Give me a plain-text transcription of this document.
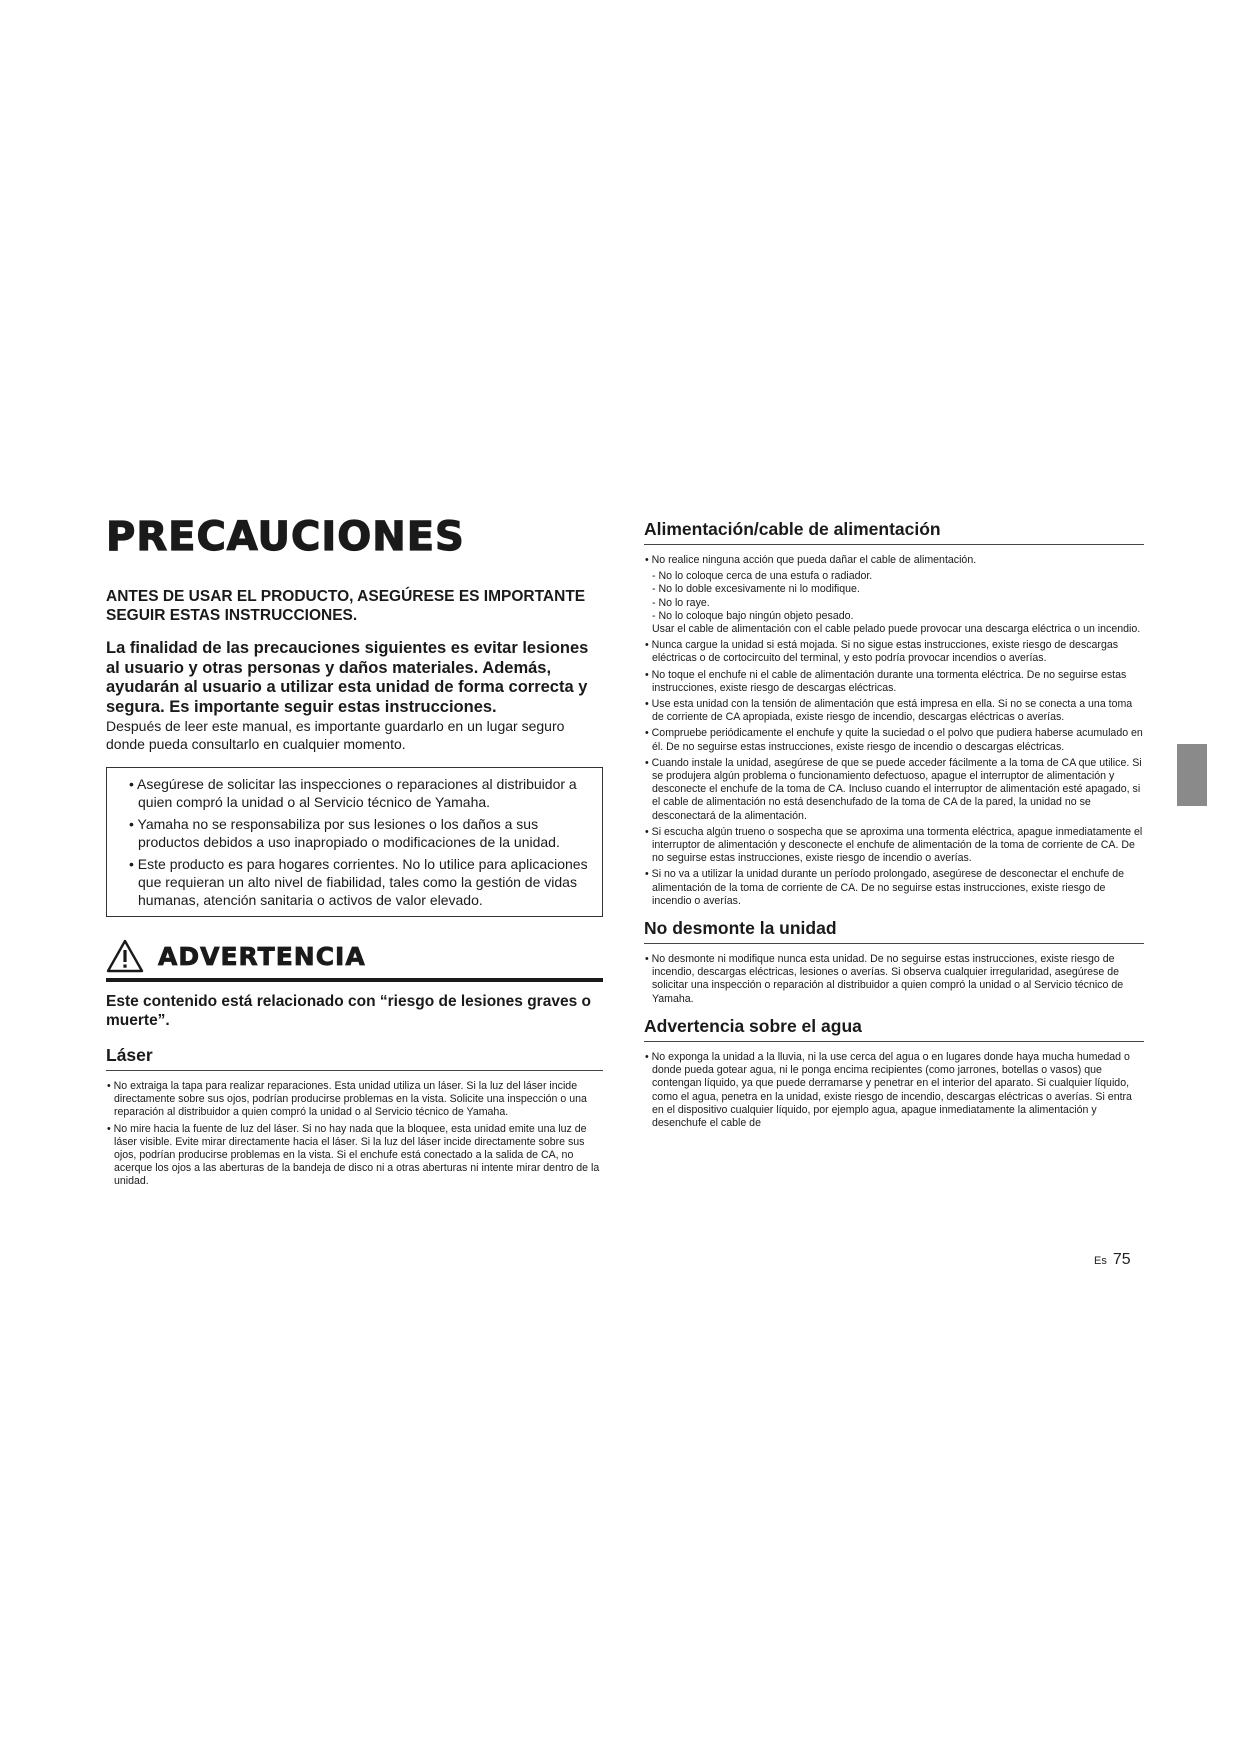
PRECAUCIONES

ANTES DE USAR EL PRODUCTO, ASEGÚRESE ES IMPORTANTE SEGUIR ESTAS INSTRUCCIONES.

La finalidad de las precauciones siguientes es evitar lesiones al usuario y otras personas y daños materiales. Además, ayudarán al usuario a utilizar esta unidad de forma correcta y segura. Es importante seguir estas instrucciones.

Después de leer este manual, es importante guardarlo en un lugar seguro donde pueda consultarlo en cualquier momento.

• Asegúrese de solicitar las inspecciones o reparaciones al distribuidor a quien compró la unidad o al Servicio técnico de Yamaha.
• Yamaha no se responsabiliza por sus lesiones o los daños a sus productos debidos a uso inapropiado o modificaciones de la unidad.
• Este producto es para hogares corrientes. No lo utilice para aplicaciones que requieran un alto nivel de fiabilidad, tales como la gestión de vidas humanas, atención sanitaria o activos de valor elevado.
ADVERTENCIA

Este contenido está relacionado con “riesgo de lesiones graves o muerte”.

Láser
• No extraiga la tapa para realizar reparaciones. Esta unidad utiliza un láser. Si la luz del láser incide directamente sobre sus ojos, podrían producirse problemas en la vista. Solicite una inspección o una reparación al distribuidor a quien compró la unidad o al Servicio técnico de Yamaha.
• No mire hacia la fuente de luz del láser. Si no hay nada que la bloquee, esta unidad emite una luz de láser visible. Evite mirar directamente hacia el láser. Si la luz del láser incide directamente sobre sus ojos, podrían producirse problemas en la vista. Si el enchufe está conectado a la salida de CA, no acerque los ojos a las aberturas de la bandeja de disco ni a otras aberturas ni intente mirar dentro de la unidad.
Alimentación/cable de alimentación
• No realice ninguna acción que pueda dañar el cable de alimentación.
- No lo coloque cerca de una estufa o radiador.
- No lo doble excesivamente ni lo modifique.
- No lo raye.
- No lo coloque bajo ningún objeto pesado.
Usar el cable de alimentación con el cable pelado puede provocar una descarga eléctrica o un incendio.
• Nunca cargue la unidad si está mojada. Si no sigue estas instrucciones, existe riesgo de descargas eléctricas o de cortocircuito del terminal, y esto podría provocar incendios o averías.
• No toque el enchufe ni el cable de alimentación durante una tormenta eléctrica. De no seguirse estas instrucciones, existe riesgo de descargas eléctricas.
• Use esta unidad con la tensión de alimentación que está impresa en ella. Si no se conecta a una toma de corriente de CA apropiada, existe riesgo de incendio, descargas eléctricas o averías.
• Compruebe periódicamente el enchufe y quite la suciedad o el polvo que pudiera haberse acumulado en él. De no seguirse estas instrucciones, existe riesgo de incendio o descargas eléctricas.
• Cuando instale la unidad, asegúrese de que se puede acceder fácilmente a la toma de CA que utilice. Si se produjera algún problema o funcionamiento defectuoso, apague el interruptor de alimentación y desconecte el enchufe de la toma de CA. Incluso cuando el interruptor de alimentación esté apagado, si el cable de alimentación no está desenchufado de la toma de CA de la pared, la unidad no se desconectará de la alimentación.
• Si escucha algún trueno o sospecha que se aproxima una tormenta eléctrica, apague inmediatamente el interruptor de alimentación y desconecte el enchufe de alimentación de la toma de corriente de CA. De no seguirse estas instrucciones, existe riesgo de incendio o averías.
• Si no va a utilizar la unidad durante un período prolongado, asegúrese de desconectar el enchufe de alimentación de la toma de corriente de CA. De no seguirse estas instrucciones, existe riesgo de incendio o averías.
No desmonte la unidad
• No desmonte ni modifique nunca esta unidad. De no seguirse estas instrucciones, existe riesgo de incendio, descargas eléctricas, lesiones o averías. Si observa cualquier irregularidad, asegúrese de solicitar una inspección o reparación al distribuidor a quien compró la unidad o al Servicio técnico de Yamaha.
Advertencia sobre el agua
• No exponga la unidad a la lluvia, ni la use cerca del agua o en lugares donde haya mucha humedad o donde pueda gotear agua, ni le ponga encima recipientes (como jarrones, botellas o vasos) que contengan líquido, ya que puede derramarse y penetrar en el interior del aparato. Si cualquier líquido, como el agua, penetra en la unidad, existe riesgo de incendio, descargas eléctricas o averías. Si entra en el dispositivo cualquier líquido, por ejemplo agua, apague inmediatamente la alimentación y desenchufe el cable de
Es 75
